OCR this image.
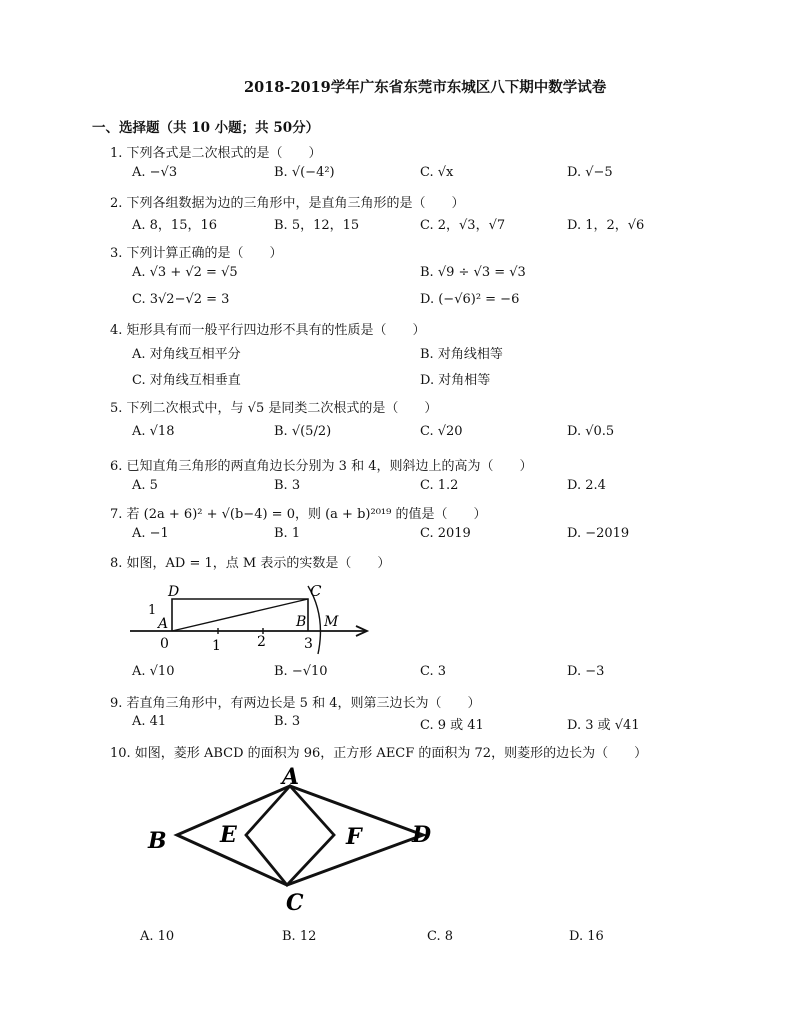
2018-2019学年广东省东莞市东城区八下期中数学试卷
一、选择题（共 10 小题；共 50分）
1. 下列各式是二次根式的是（　　）
A. −√3	B. √(−4²)	C. √x	D. √−5
2. 下列各组数据为边的三角形中，是直角三角形的是（　　）
A. 8，15，16	B. 5，12，15	C. 2，√3，√7	D. 1，2，√6
3. 下列计算正确的是（　　）
A. √3 + √2 = √5	B. √9 ÷ √3 = √3
C. 3√2−√2 = 3	D. (−√6)² = −6
4. 矩形具有而一般平行四边形不具有的性质是（　　）
A. 对角线互相平分	B. 对角线相等
C. 对角线互相垂直	D. 对角相等
5. 下列二次根式中，与 √5 是同类二次根式的是（　　）
A. √18	B. √(5/2)	C. √20	D. √0.5
6. 已知直角三角形的两直角边长分别为 3 和 4，则斜边上的高为（　　）
A. 5	B. 3	C. 1.2	D. 2.4
7. 若 (2a + 6)² + √(b−4) = 0，则 (a + b)²⁰¹⁹ 的值是（　　）
A. −1	B. 1	C. 2019	D. −2019
8. 如图，AD = 1，点 M 表示的实数是（　　）
D	C
1
A	B M
0	1	2	3
A. √10	B. −√10	C. 3	D. −3
9. 若直角三角形中，有两边长是 5 和 4，则第三边长为（　　）
A. 41	B. 3	C. 9 或 41	D. 3 或 √41
10. 如图，菱形 ABCD 的面积为 96，正方形 AECF 的面积为 72，则菱形的边长为（　　）
A
B
C
D
E	F
A. 10	B. 12	C. 8	D. 16
